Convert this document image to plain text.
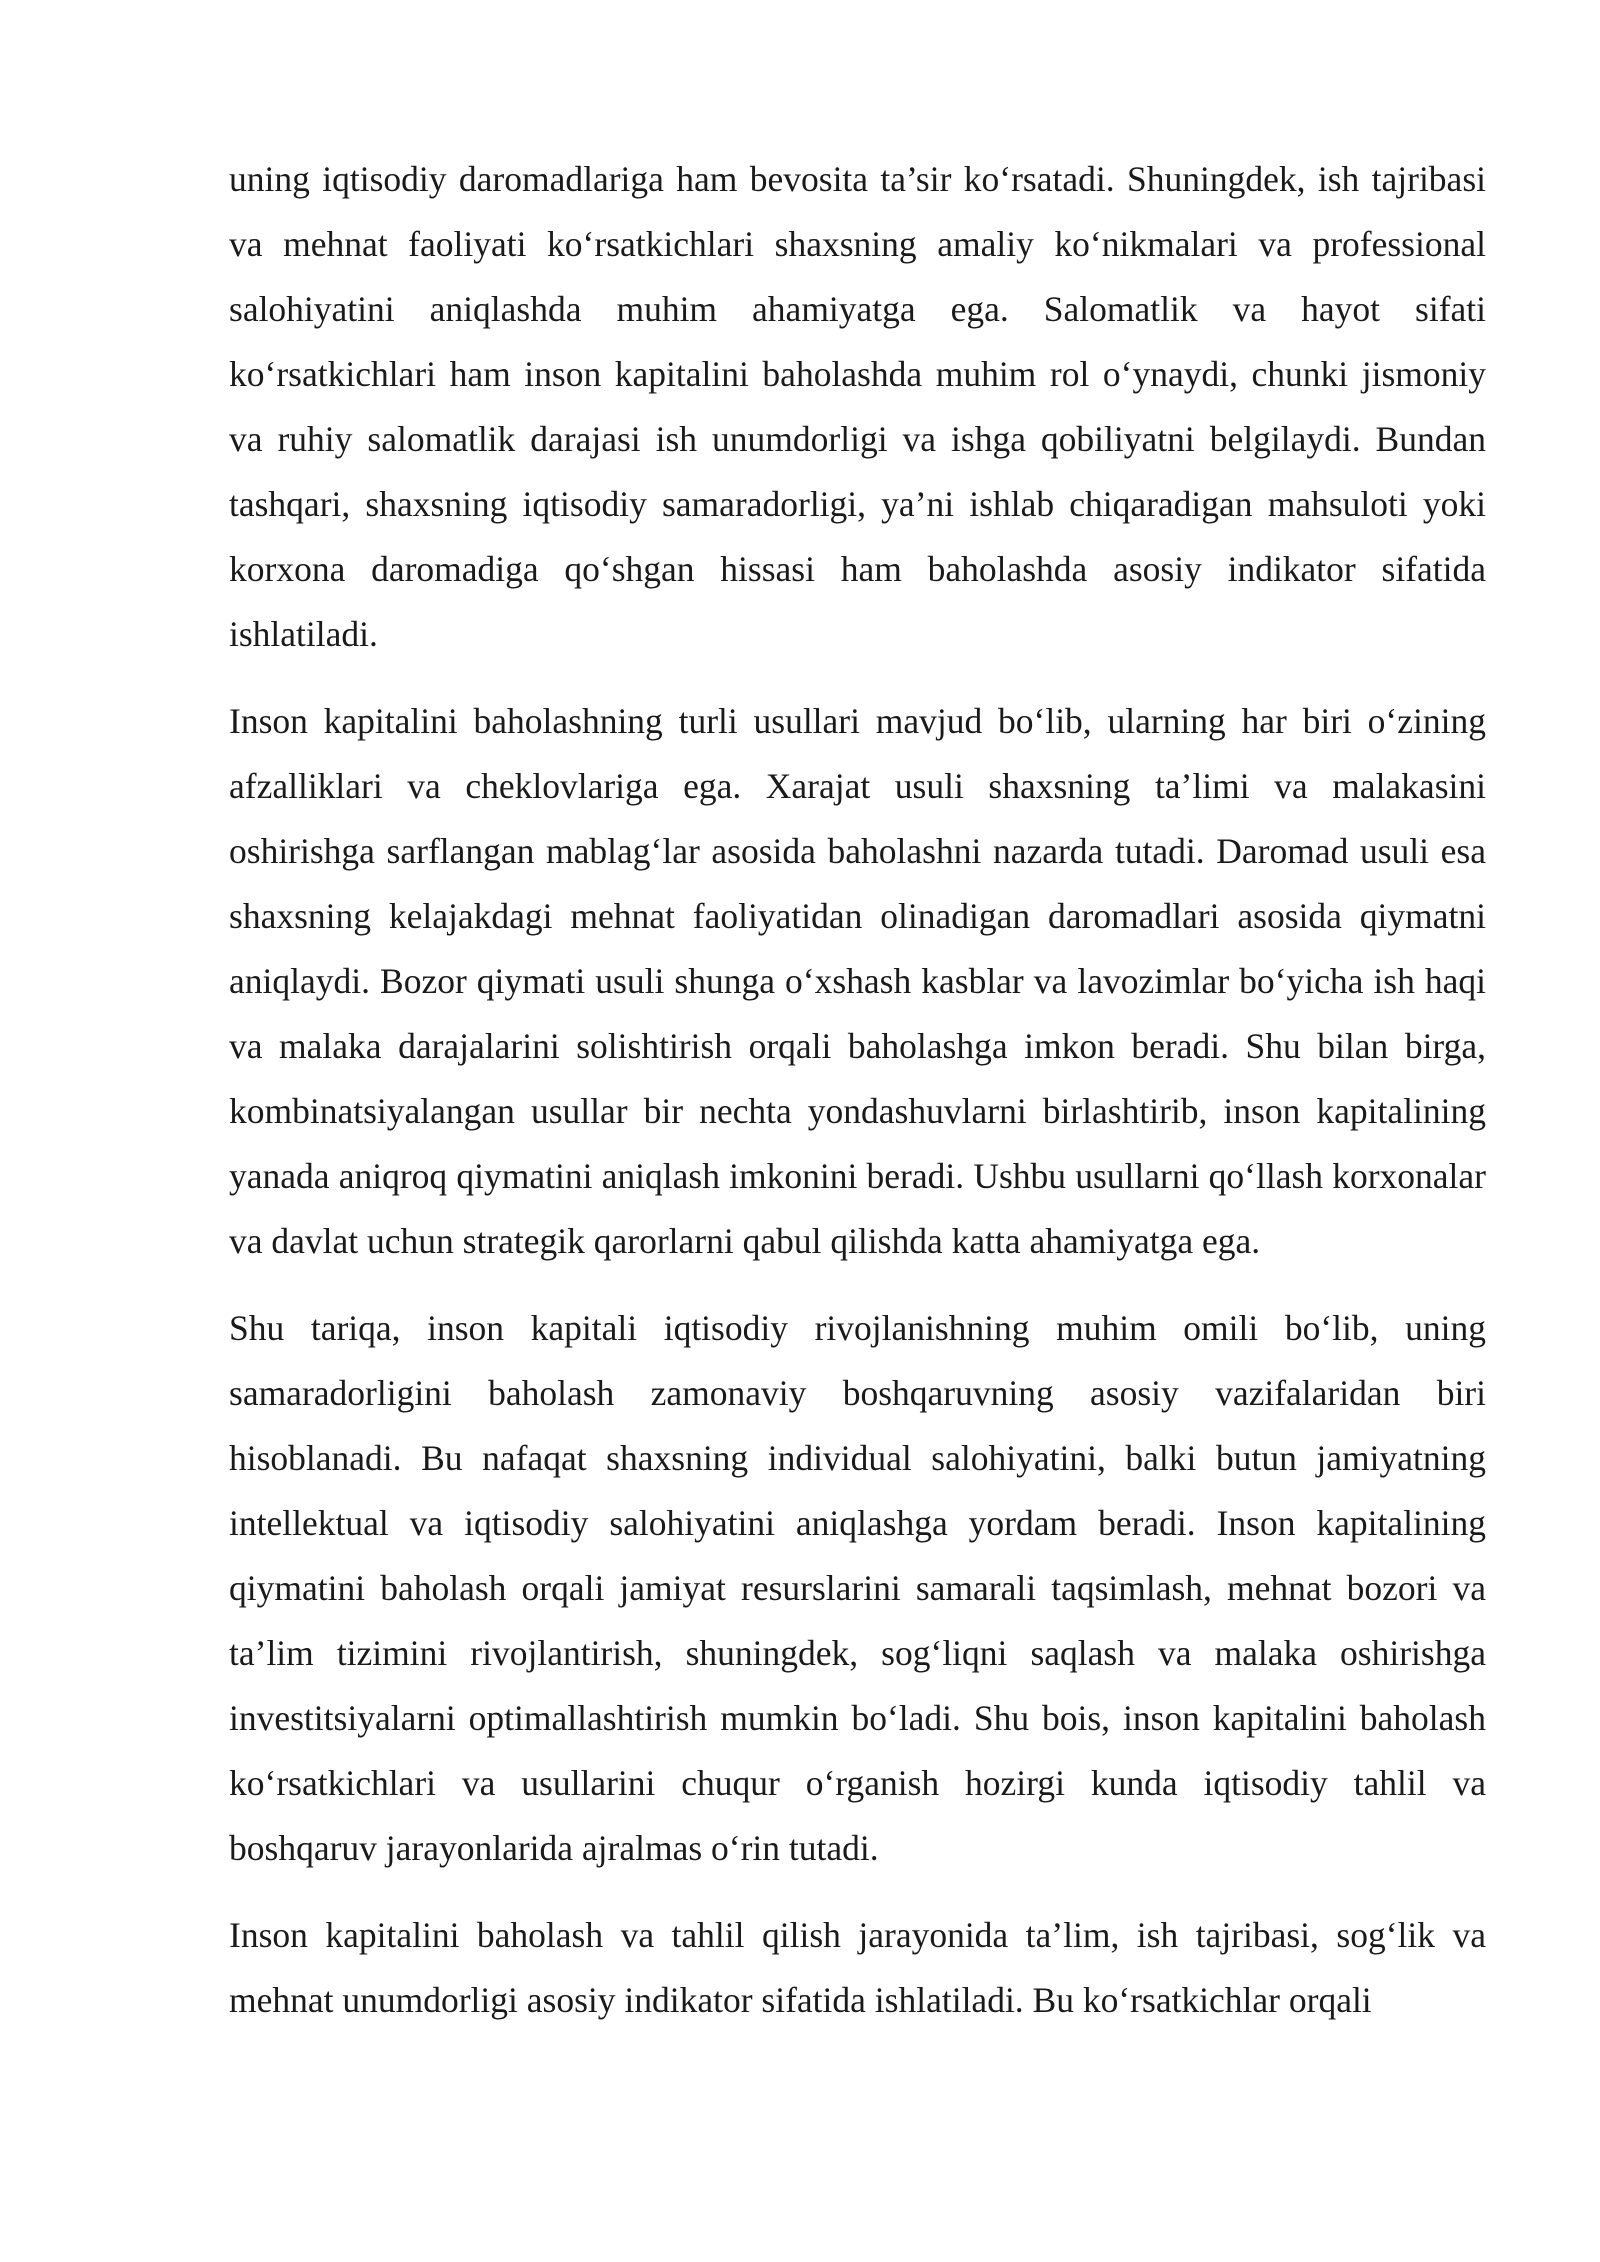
uning iqtisodiy daromadlariga ham bevosita ta’sir ko‘rsatadi. Shuningdek, ish tajribasi va mehnat faoliyati ko‘rsatkichlari shaxsning amaliy ko‘nikmalari va professional salohiyatini aniqlashda muhim ahamiyatga ega. Salomatlik va hayot sifati ko‘rsatkichlari ham inson kapitalini baholashda muhim rol o‘ynaydi, chunki jismoniy va ruhiy salomatlik darajasi ish unumdorligi va ishga qobiliyatni belgilaydi. Bundan tashqari, shaxsning iqtisodiy samaradorligi, ya’ni ishlab chiqaradigan mahsuloti yoki korxona daromadiga qo‘shgan hissasi ham baholashda asosiy indikator sifatida ishlatiladi.

Inson kapitalini baholashning turli usullari mavjud bo‘lib, ularning har biri o‘zining afzalliklari va cheklovlariga ega. Xarajat usuli shaxsning ta’limi va malakasini oshirishga sarflangan mablag‘lar asosida baholashni nazarda tutadi. Daromad usuli esa shaxsning kelajakdagi mehnat faoliyatidan olinadigan daromadlari asosida qiymatni aniqlaydi. Bozor qiymati usuli shunga o‘xshash kasblar va lavozimlar bo‘yicha ish haqi va malaka darajalarini solishtirish orqali baholashga imkon beradi. Shu bilan birga, kombinatsiyalangan usullar bir nechta yondashuvlarni birlashtirib, inson kapitalining yanada aniqroq qiymatini aniqlash imkonini beradi. Ushbu usullarni qo‘llash korxonalar va davlat uchun strategik qarorlarni qabul qilishda katta ahamiyatga ega.

Shu tariqa, inson kapitali iqtisodiy rivojlanishning muhim omili bo‘lib, uning samaradorligini baholash zamonaviy boshqaruvning asosiy vazifalaridan biri hisoblanadi. Bu nafaqat shaxsning individual salohiyatini, balki butun jamiyatning intellektual va iqtisodiy salohiyatini aniqlashga yordam beradi. Inson kapitalining qiymatini baholash orqali jamiyat resurslarini samarali taqsimlash, mehnat bozori va ta’lim tizimini rivojlantirish, shuningdek, sog‘liqni saqlash va malaka oshirishga investitsiyalarni optimallashtirish mumkin bo‘ladi. Shu bois, inson kapitalini baholash ko‘rsatkichlari va usullarini chuqur o‘rganish hozirgi kunda iqtisodiy tahlil va boshqaruv jarayonlarida ajralmas o‘rin tutadi.

Inson kapitalini baholash va tahlil qilish jarayonida ta’lim, ish tajribasi, sog‘lik va mehnat unumdorligi asosiy indikator sifatida ishlatiladi. Bu ko‘rsatkichlar orqali
